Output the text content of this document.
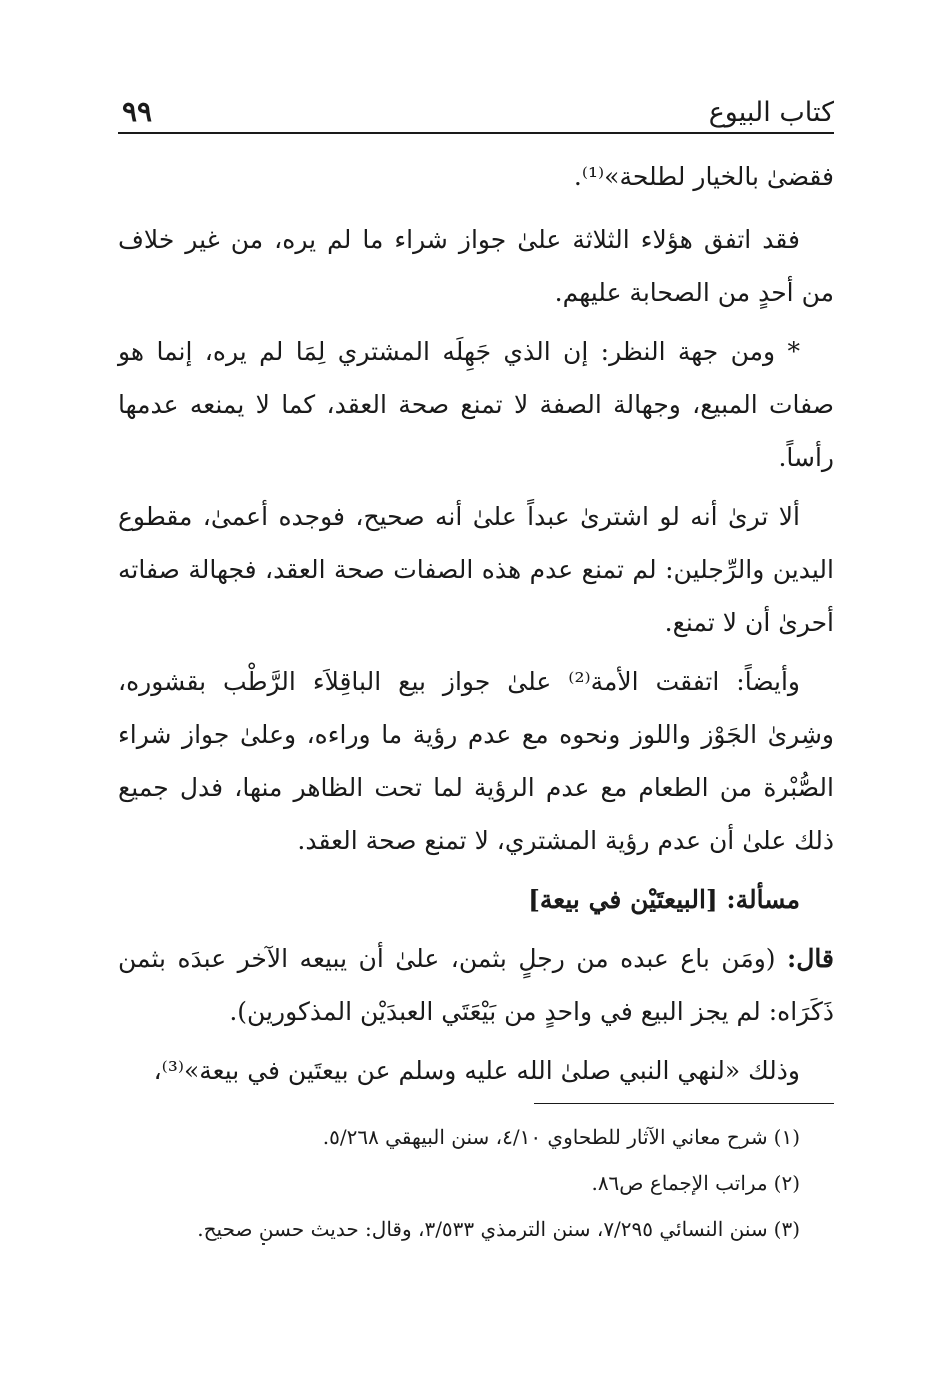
كتاب البيوع
٩٩

فقضىٰ بالخيار لطلحة»⁽¹⁾.

فقد اتفق هؤلاء الثلاثة علىٰ جواز شراء ما لم يره، من غير خلاف من أحدٍ من الصحابة عليهم.

* ومن جهة النظر: إن الذي جَهِلَه المشتري لِمَا لم يره، إنما هو صفات المبيع، وجهالة الصفة لا تمنع صحة العقد، كما لا يمنعه عدمها رأساً.

ألا ترىٰ أنه لو اشترىٰ عبداً علىٰ أنه صحيح، فوجده أعمىٰ، مقطوع اليدين والرِّجلين: لم تمنع عدم هذه الصفات صحة العقد، فجهالة صفاته أحرىٰ أن لا تمنع.

وأيضاً: اتفقت الأمة⁽²⁾ علىٰ جواز بيع الباقِلاَء الرَّطْب بقشوره، وشِرىٰ الجَوْز واللوز ونحوه مع عدم رؤية ما وراءه، وعلىٰ جواز شراء الصُّبْرة من الطعام مع عدم الرؤية لما تحت الظاهر منها، فدل جميع ذلك علىٰ أن عدم رؤية المشتري، لا تمنع صحة العقد.

مسألة: [البيعتَيْن في بيعة]

قال: (ومَن باع عبده من رجلٍ بثمن، علىٰ أن يبيعه الآخر عبدَه بثمن ذَكَرَاه: لم يجز البيع في واحدٍ من بَيْعَتَي العبدَيْن المذكورين).

وذلك «لنهي النبي صلىٰ الله عليه وسلم عن بيعتَين في بيعة»⁽³⁾،

(١)شرح معاني الآثار للطحاوي ٤/١٠، سنن البيهقي ٥/٢٦٨.

(٢)مراتب الإجماع ص٨٦.

(٣)سنن النسائي ٧/٢٩٥، سنن الترمذي ٣/٥٣٣، وقال: حديث حسن صحيح.
